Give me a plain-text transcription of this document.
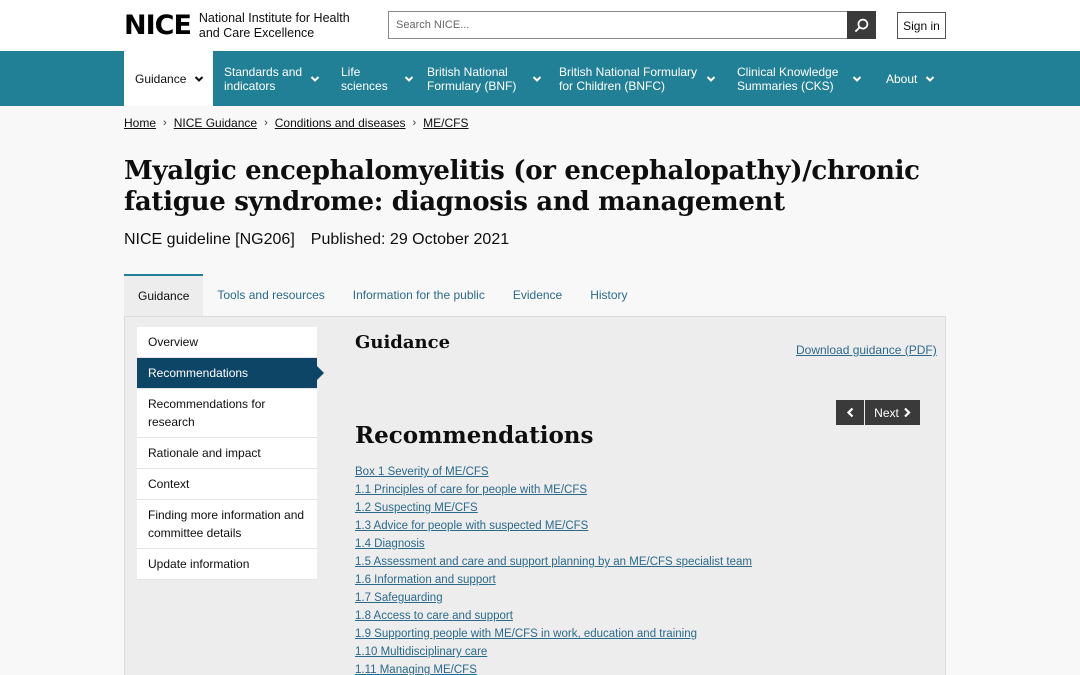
NICE National Institute for Health and Care Excellence
Search NICE...
Sign in
Guidance	Standards and
indicators
Life
sciences
British National
Formulary (BNF)
British National Formulary
for Children (BNFC)
Clinical Knowledge
Summaries (CKS)	About
Home › NICE Guidance › Conditions and diseases › ME/CFS
Myalgic encephalomyelitis (or encephalopathy)/chronic fatigue syndrome: diagnosis and management
NICE guideline [NG206] Published: 29 October 2021
Guidance	Tools and resources	Information for the public	Evidence	History
Overview
Recommendations
Recommendations for research
Rationale and impact
Context
Finding more information and committee details
Update information
Guidance	Download guidance (PDF)
Next
Recommendations
Box 1 Severity of ME/CFS
1.1 Principles of care for people with ME/CFS
1.2 Suspecting ME/CFS
1.3 Advice for people with suspected ME/CFS
1.4 Diagnosis
1.5 Assessment and care and support planning by an ME/CFS specialist team
1.6 Information and support
1.7 Safeguarding
1.8 Access to care and support
1.9 Supporting people with ME/CFS in work, education and training
1.10 Multidisciplinary care
1.11 Managing ME/CFS
